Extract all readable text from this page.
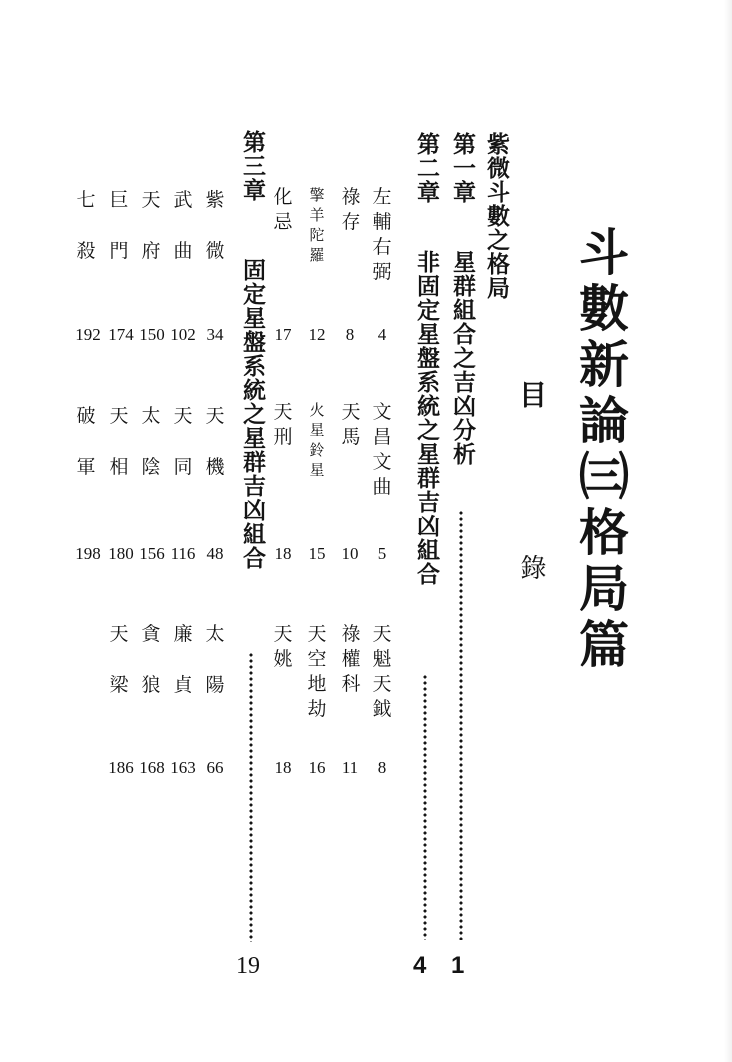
斗數新論㈢格局篇
目
錄
紫微斗數之格局
第一章
星群組合之吉凶分析
1
第二章
非固定星盤系統之星群吉凶組合
4
左
輔
右
弼
祿
存
擎
羊
陀
羅
化
忌
4
8
12
17
文
昌
文
曲
天
馬
火
星
鈴
星
天
刑
5
10
15
18
天
魁
天
鉞
祿
權
科
天
空
地
劫
天
姚
8
11
16
18
第三章
固定星盤系統之星群吉凶組合
19
紫
微
武
曲
天
府
巨
門
七
殺
34
102
150
174
192
天
機
天
同
太
陰
天
相
破
軍
48
116
156
180
198
太
陽
廉
貞
貪
狼
天
梁
66
163
168
186
